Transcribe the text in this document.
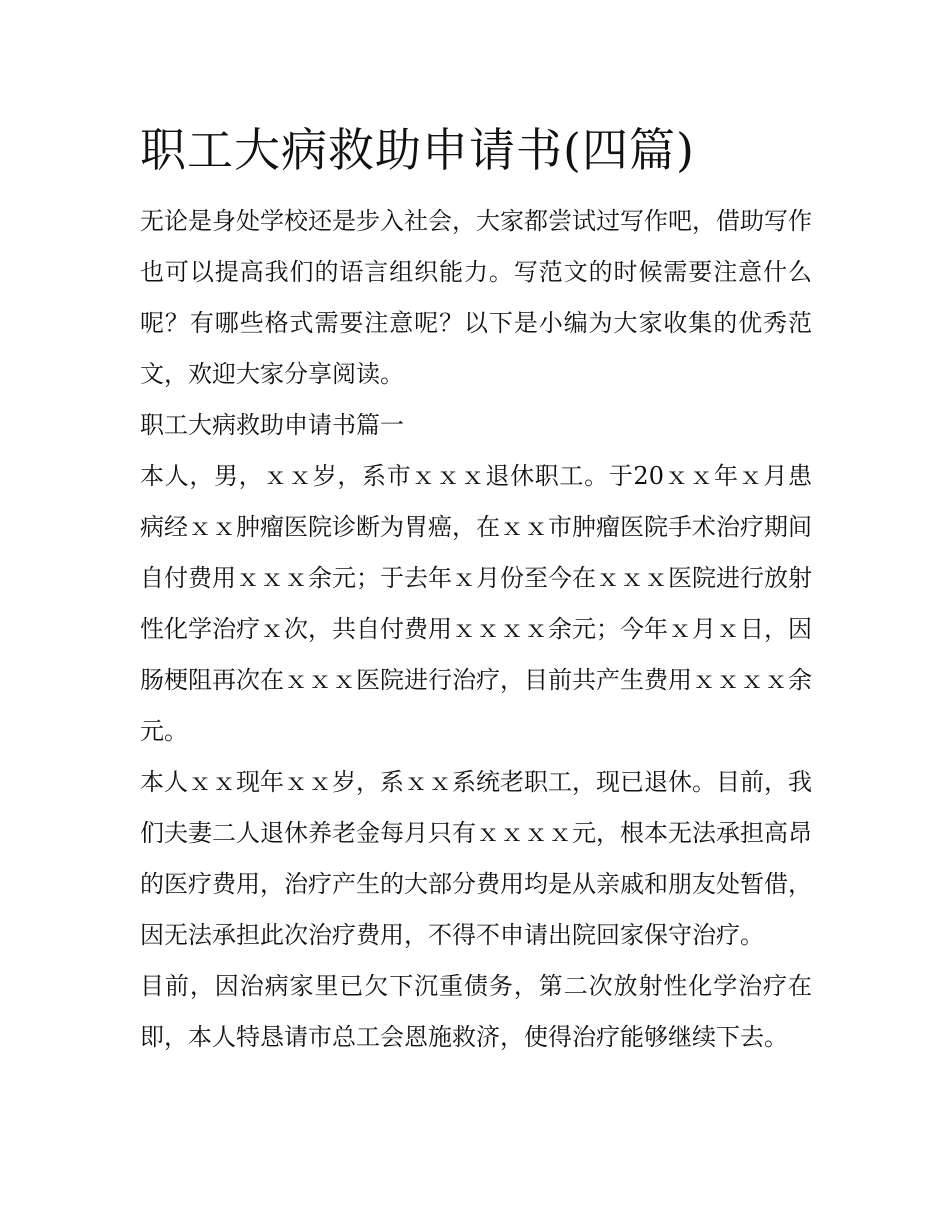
职工大病救助申请书(四篇)

无论是身处学校还是步入社会，大家都尝试过写作吧，借助写作也可以提高我们的语言组织能力。写范文的时候需要注意什么呢？有哪些格式需要注意呢？以下是小编为大家收集的优秀范文，欢迎大家分享阅读。

职工大病救助申请书篇一

本人，男，ｘｘ岁，系市ｘｘｘ退休职工。于20ｘｘ年ｘ月患病经ｘｘ肿瘤医院诊断为胃癌，在ｘｘ市肿瘤医院手术治疗期间自付费用ｘｘｘ余元；于去年ｘ月份至今在ｘｘｘ医院进行放射性化学治疗ｘ次，共自付费用ｘｘｘｘ余元；今年ｘ月ｘ日，因肠梗阻再次在ｘｘｘ医院进行治疗，目前共产生费用ｘｘｘｘ余元。

本人ｘｘ现年ｘｘ岁，系ｘｘ系统老职工，现已退休。目前，我们夫妻二人退休养老金每月只有ｘｘｘｘ元，根本无法承担高昂的医疗费用，治疗产生的大部分费用均是从亲戚和朋友处暂借，因无法承担此次治疗费用，不得不申请出院回家保守治疗。

目前，因治病家里已欠下沉重债务，第二次放射性化学治疗在即，本人特恳请市总工会恩施救济，使得治疗能够继续下去。
